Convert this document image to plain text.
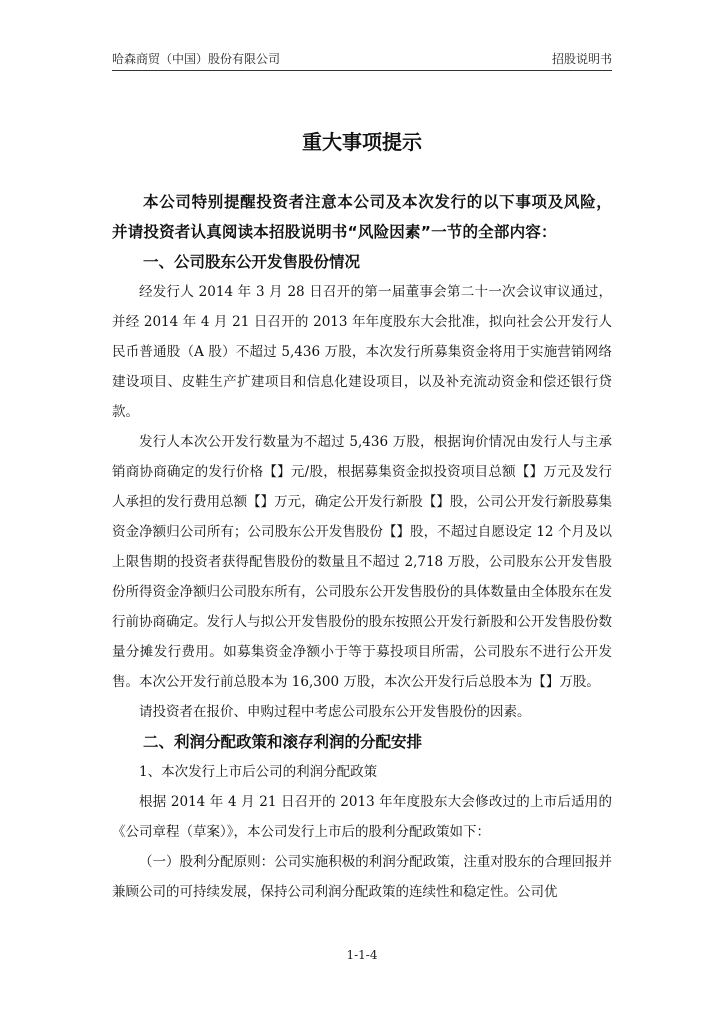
哈森商贸（中国）股份有限公司	招股说明书
重大事项提示

本公司特别提醒投资者注意本公司及本次发行的以下事项及风险，并请投资者认真阅读本招股说明书“风险因素”一节的全部内容：

一、公司股东公开发售股份情况

经发行人 2014 年 3 月 28 日召开的第一届董事会第二十一次会议审议通过，并经 2014 年 4 月 21 日召开的 2013 年年度股东大会批准，拟向社会公开发行人民币普通股（A 股）不超过 5,436 万股，本次发行所募集资金将用于实施营销网络建设项目、皮鞋生产扩建项目和信息化建设项目，以及补充流动资金和偿还银行贷款。

发行人本次公开发行数量为不超过 5,436 万股，根据询价情况由发行人与主承销商协商确定的发行价格【】元/股，根据募集资金拟投资项目总额【】万元及发行人承担的发行费用总额【】万元，确定公开发行新股【】股，公司公开发行新股募集资金净额归公司所有；公司股东公开发售股份【】股，不超过自愿设定 12 个月及以上限售期的投资者获得配售股份的数量且不超过 2,718 万股，公司股东公开发售股份所得资金净额归公司股东所有，公司股东公开发售股份的具体数量由全体股东在发行前协商确定。发行人与拟公开发售股份的股东按照公开发行新股和公开发售股份数量分摊发行费用。如募集资金净额小于等于募投项目所需，公司股东不进行公开发售。本次公开发行前总股本为 16,300 万股，本次公开发行后总股本为【】万股。

请投资者在报价、申购过程中考虑公司股东公开发售股份的因素。

二、利润分配政策和滚存利润的分配安排

1、本次发行上市后公司的利润分配政策

根据 2014 年 4 月 21 日召开的 2013 年年度股东大会修改过的上市后适用的《公司章程（草案）》，本公司发行上市后的股利分配政策如下：

（一）股利分配原则：公司实施积极的利润分配政策，注重对股东的合理回报并兼顾公司的可持续发展，保持公司利润分配政策的连续性和稳定性。公司优

1-1-4
